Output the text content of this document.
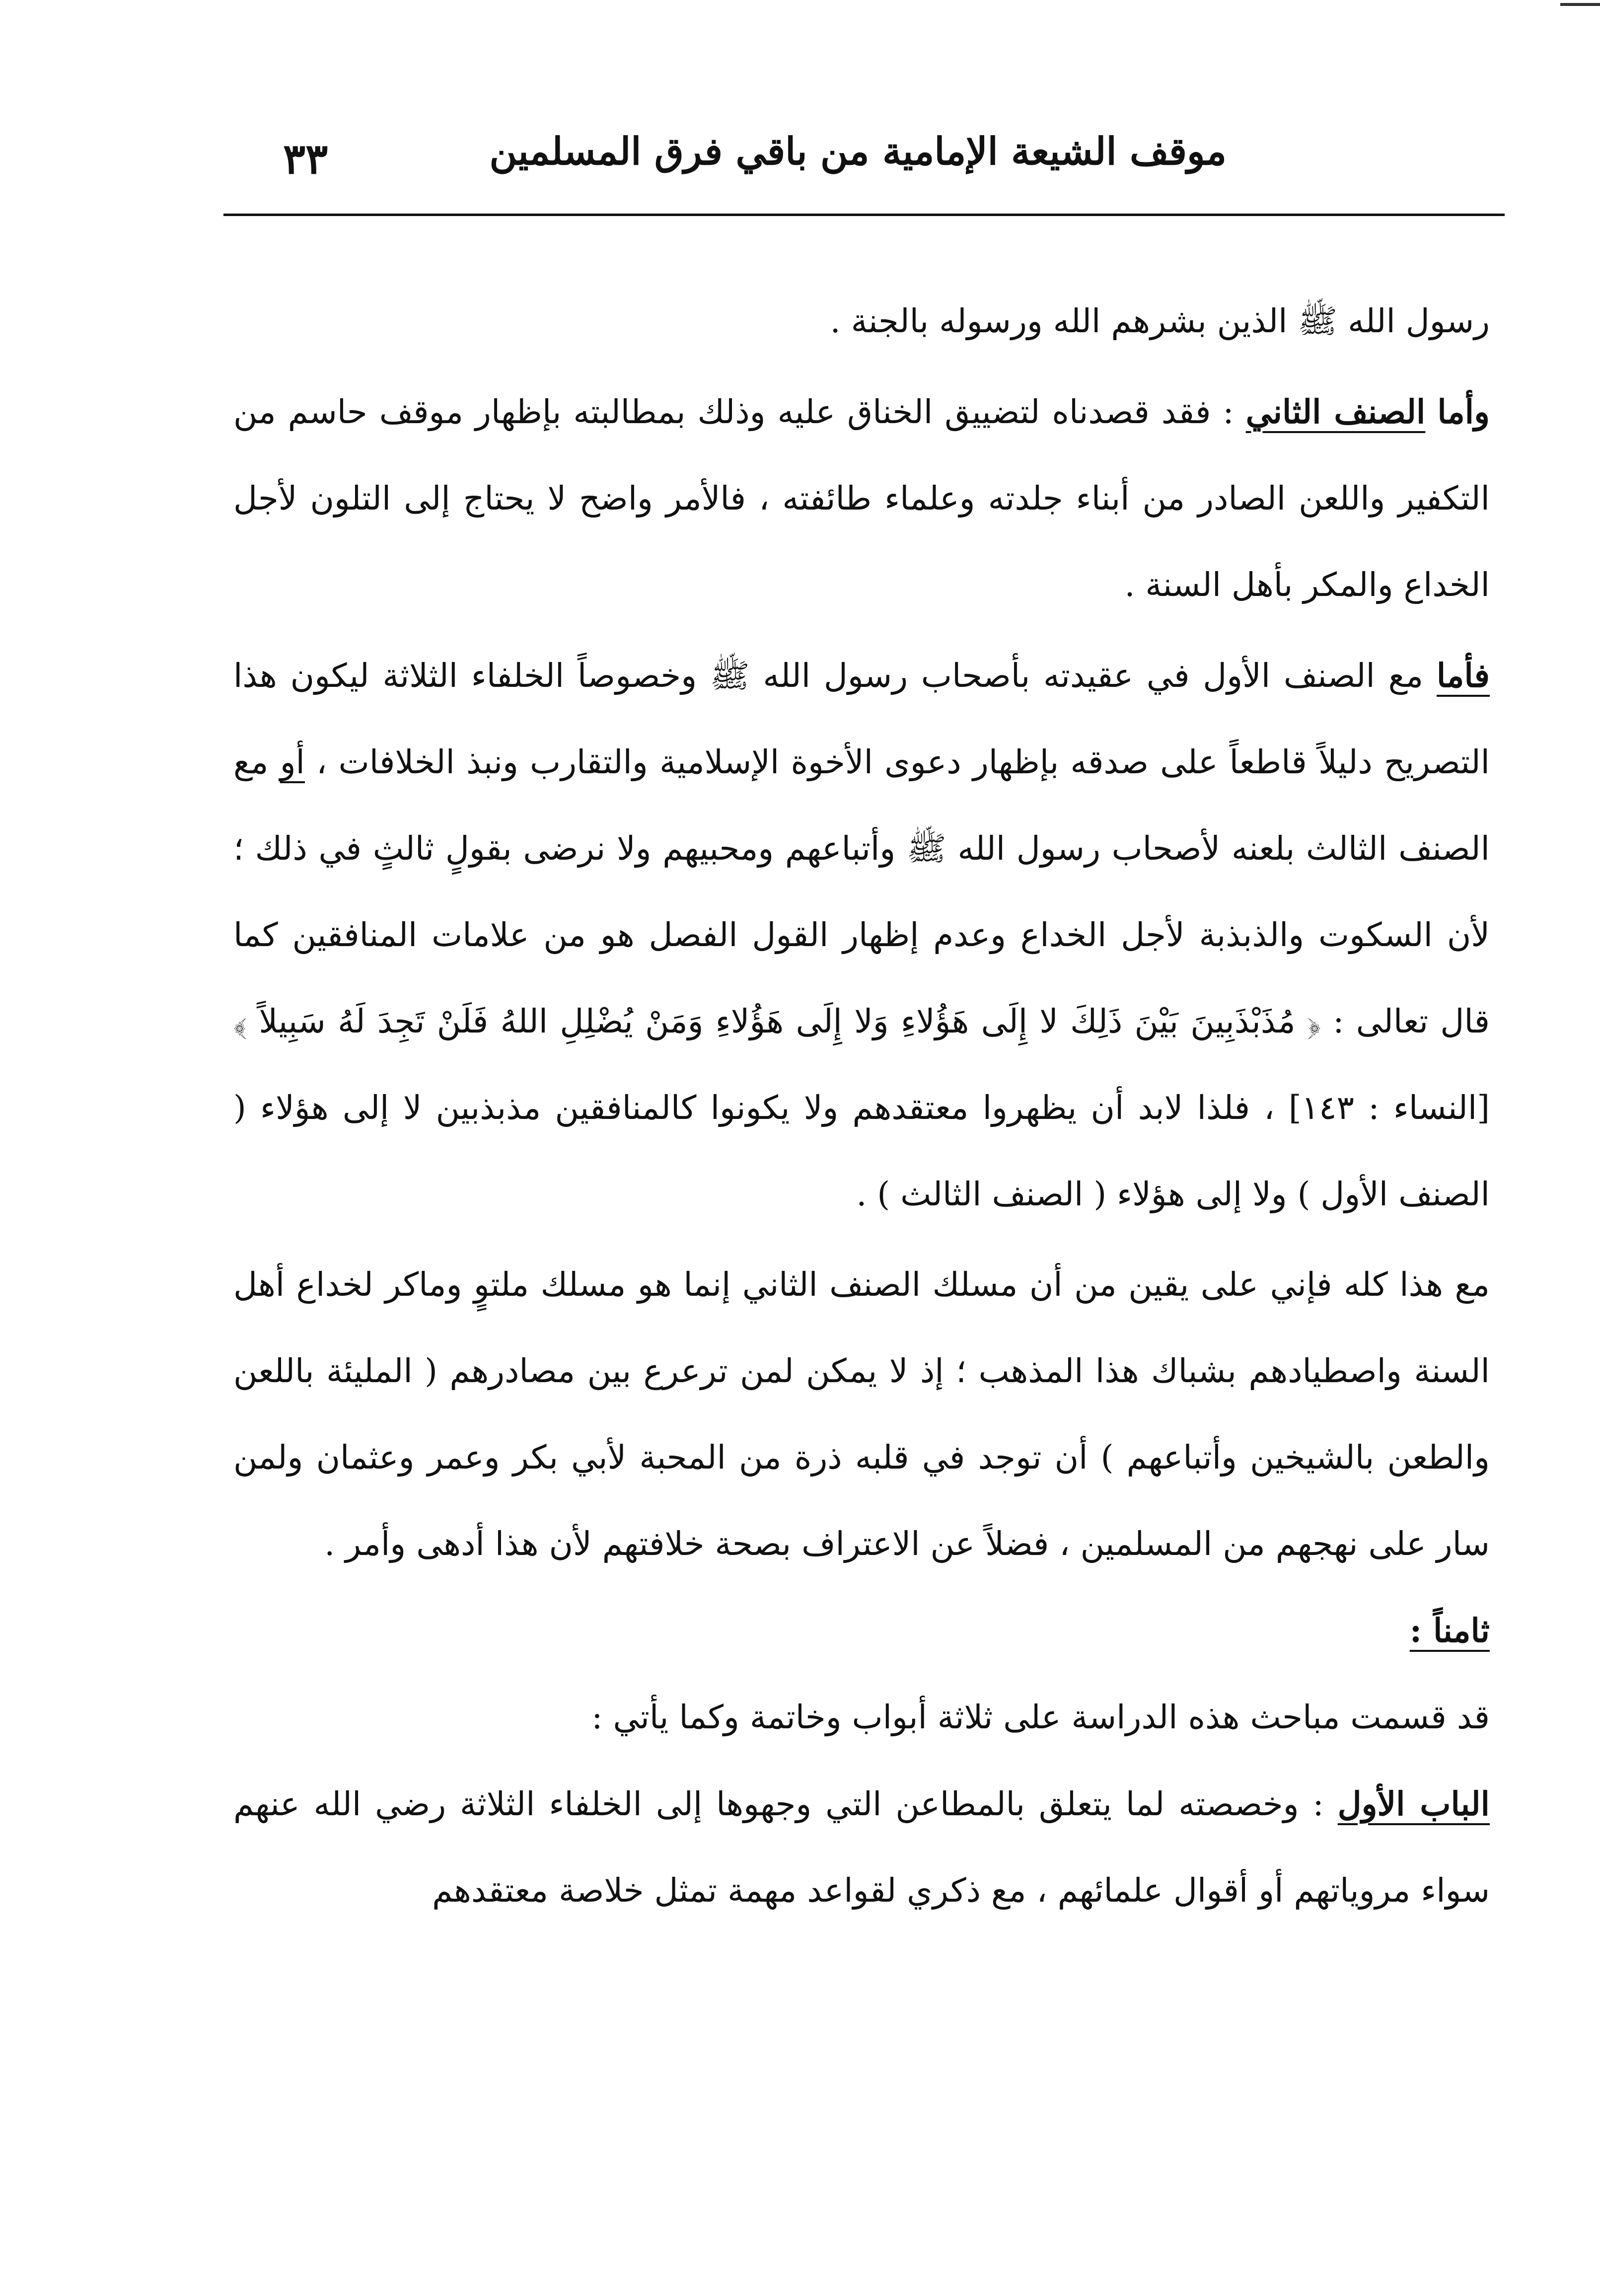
موقف الشيعة الإمامية من باقي فرق المسلمين
٣٣

رسول الله ﷺ الذين بشرهم الله ورسوله بالجنة .

وأما الصنف الثاني : فقد قصدناه لتضييق الخناق عليه وذلك بمطالبته بإظهار موقف حاسم من التكفير واللعن الصادر من أبناء جلدته وعلماء طائفته ، فالأمر واضح لا يحتاج إلى التلون لأجل الخداع والمكر بأهل السنة .

فأما مع الصنف الأول في عقيدته بأصحاب رسول الله ﷺ وخصوصاً الخلفاء الثلاثة ليكون هذا التصريح دليلاً قاطعاً على صدقه بإظهار دعوى الأخوة الإسلامية والتقارب ونبذ الخلافات ، أو مع الصنف الثالث بلعنه لأصحاب رسول الله ﷺ وأتباعهم ومحبيهم ولا نرضى بقولٍ ثالثٍ في ذلك ؛ لأن السكوت والذبذبة لأجل الخداع وعدم إظهار القول الفصل هو من علامات المنافقين كما قال تعالى : ﴿ مُذَبْذَبِينَ بَيْنَ ذَلِكَ لا إِلَى هَؤُلاءِ وَلا إِلَى هَؤُلاءِ وَمَنْ يُضْلِلِ اللهُ فَلَنْ تَجِدَ لَهُ سَبِيلاً ﴾ [النساء : ١٤٣] ، فلذا لابد أن يظهروا معتقدهم ولا يكونوا كالمنافقين مذبذبين لا إلى هؤلاء ( الصنف الأول ) ولا إلى هؤلاء ( الصنف الثالث ) .

مع هذا كله فإني على يقين من أن مسلك الصنف الثاني إنما هو مسلك ملتوٍ وماكر لخداع أهل السنة واصطيادهم بشباك هذا المذهب ؛ إذ لا يمكن لمن ترعرع بين مصادرهم ( المليئة باللعن والطعن بالشيخين وأتباعهم ) أن توجد في قلبه ذرة من المحبة لأبي بكر وعمر وعثمان ولمن سار على نهجهم من المسلمين ، فضلاً عن الاعتراف بصحة خلافتهم لأن هذا أدهى وأمر .

ثامناً :

قد قسمت مباحث هذه الدراسة على ثلاثة أبواب وخاتمة وكما يأتي :

الباب الأول : وخصصته لما يتعلق بالمطاعن التي وجهوها إلى الخلفاء الثلاثة رضي الله عنهم سواء مروياتهم أو أقوال علمائهم ، مع ذكري لقواعد مهمة تمثل خلاصة معتقدهم
